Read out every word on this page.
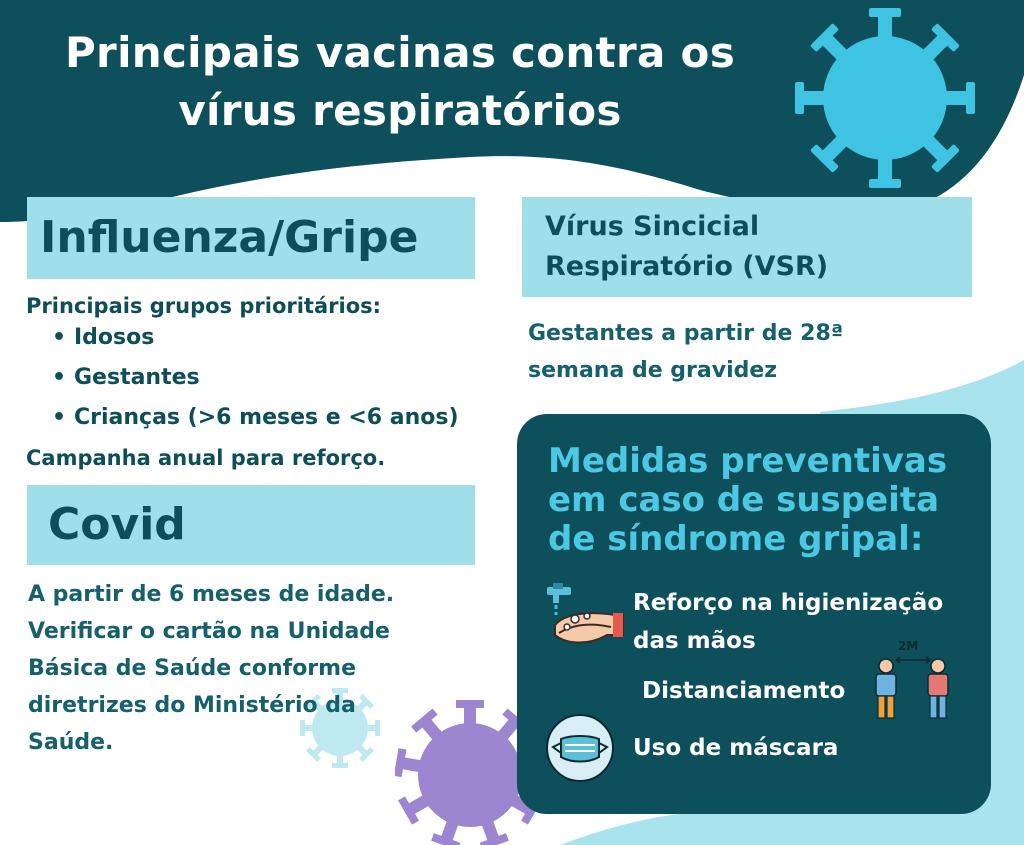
Principais vacinas contra os
vírus respiratórios
Influenza/Gripe
Principais grupos prioritários:
• Idosos
• Gestantes
• Crianças (>6 meses e <6 anos)
Campanha anual para reforço.
Covid
A partir de 6 meses de idade.
Verificar o cartão na Unidade
Básica de Saúde conforme
diretrizes do Ministério da
Saúde.
Vírus Sincicial
Respiratório (VSR)
Gestantes a partir de 28ª
semana de gravidez
Medidas preventivas
em caso de suspeita
de síndrome gripal:
Reforço na higienização
das mãos
Distanciamento
2M
Uso de máscara
